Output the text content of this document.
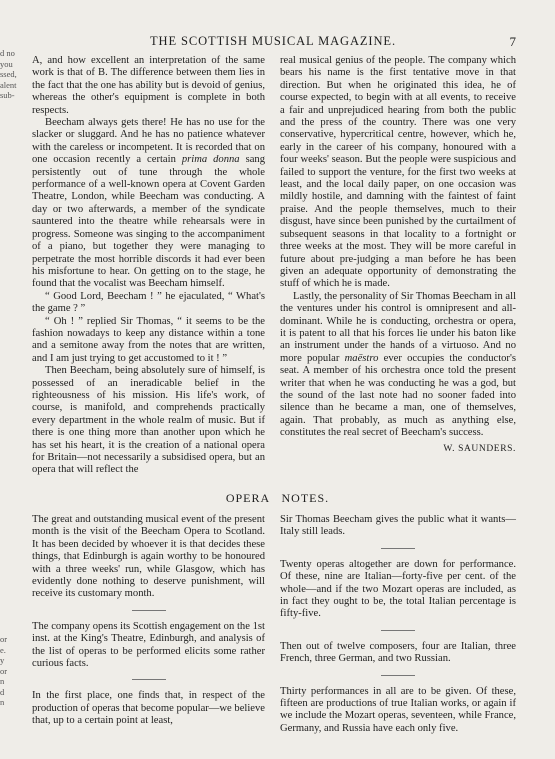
d no
you
ssed,
alent
sub-
or
e.
y
or
n
d
n
THE SCOTTISH MUSICAL MAGAZINE.	7

A, and how excellent an interpretation of the same work is that of B. The difference between them lies in the fact that the one has ability but is devoid of genius, whereas the other's equipment is complete in both respects.

Beecham always gets there! He has no use for the slacker or sluggard. And he has no patience whatever with the careless or incompetent. It is recorded that on one occasion recently a certain prima donna sang persistently out of tune through the whole performance of a well-known opera at Covent Garden Theatre, London, while Beecham was conducting. A day or two afterwards, a member of the syndicate sauntered into the theatre while rehearsals were in progress. Someone was singing to the accompaniment of a piano, but together they were managing to perpetrate the most horrible discords it had ever been his misfortune to hear. On getting on to the stage, he found that the vocalist was Beecham himself.

“ Good Lord, Beecham ! ” he ejaculated, “ What's the game ? ”

“ Oh ! ” replied Sir Thomas, “ it seems to be the fashion nowadays to keep any distance within a tone and a semitone away from the notes that are written, and I am just trying to get accustomed to it ! ”

Then Beecham, being absolutely sure of himself, is possessed of an ineradicable belief in the righteousness of his mission. His life's work, of course, is manifold, and comprehends practically every department in the whole realm of music. But if there is one thing more than another upon which he has set his heart, it is the creation of a national opera for Britain—not necessarily a subsidised opera, but an opera that will reflect the

real musical genius of the people. The company which bears his name is the first tentative move in that direction. But when he originated this idea, he of course expected, to begin with at all events, to receive a fair and unprejudiced hearing from both the public and the press of the country. There was one very conservative, hypercritical centre, however, which he, early in the career of his company, honoured with a four weeks' season. But the people were suspicious and failed to support the venture, for the first two weeks at least, and the local daily paper, on one occasion was mildly hostile, and damning with the faintest of faint praise. And the people themselves, much to their disgust, have since been punished by the curtailment of subsequent seasons in that locality to a fortnight or three weeks at the most. They will be more careful in future about pre-judging a man before he has been given an adequate opportunity of demonstrating the stuff of which he is made.

Lastly, the personality of Sir Thomas Beecham in all the ventures under his control is omnipresent and all-dominant. While he is conducting, orchestra or opera, it is patent to all that his forces lie under his baton like an instrument under the hands of a virtuoso. And no more popular maëstro ever occupies the conductor's seat. A member of his orchestra once told the present writer that when he was conducting he was a god, but the sound of the last note had no sooner faded into silence than he became a man, one of themselves, again. That probably, as much as anything else, constitutes the real secret of Beecham's success.

W. SAUNDERS.
OPERA   NOTES.

The great and outstanding musical event of the present month is the visit of the Beecham Opera to Scotland. It has been decided by whoever it is that decides these things, that Edinburgh is again worthy to be honoured with a three weeks' run, while Glasgow, which has evidently done nothing to deserve punishment, will receive its customary month.

The company opens its Scottish engagement on the 1st inst. at the King's Theatre, Edinburgh, and analysis of the list of operas to be performed elicits some rather curious facts.

In the first place, one finds that, in respect of the production of operas that become popular—we believe that, up to a certain point at least,

Sir Thomas Beecham gives the public what it wants—Italy still leads.

Twenty operas altogether are down for performance. Of these, nine are Italian—forty-five per cent. of the whole—and if the two Mozart operas are included, as in fact they ought to be, the total Italian percentage is fifty-five.

Then out of twelve composers, four are Italian, three French, three German, and two Russian.

Thirty performances in all are to be given. Of these, fifteen are productions of true Italian works, or again if we include the Mozart operas, seventeen, while France, Germany, and Russia have each only five.
